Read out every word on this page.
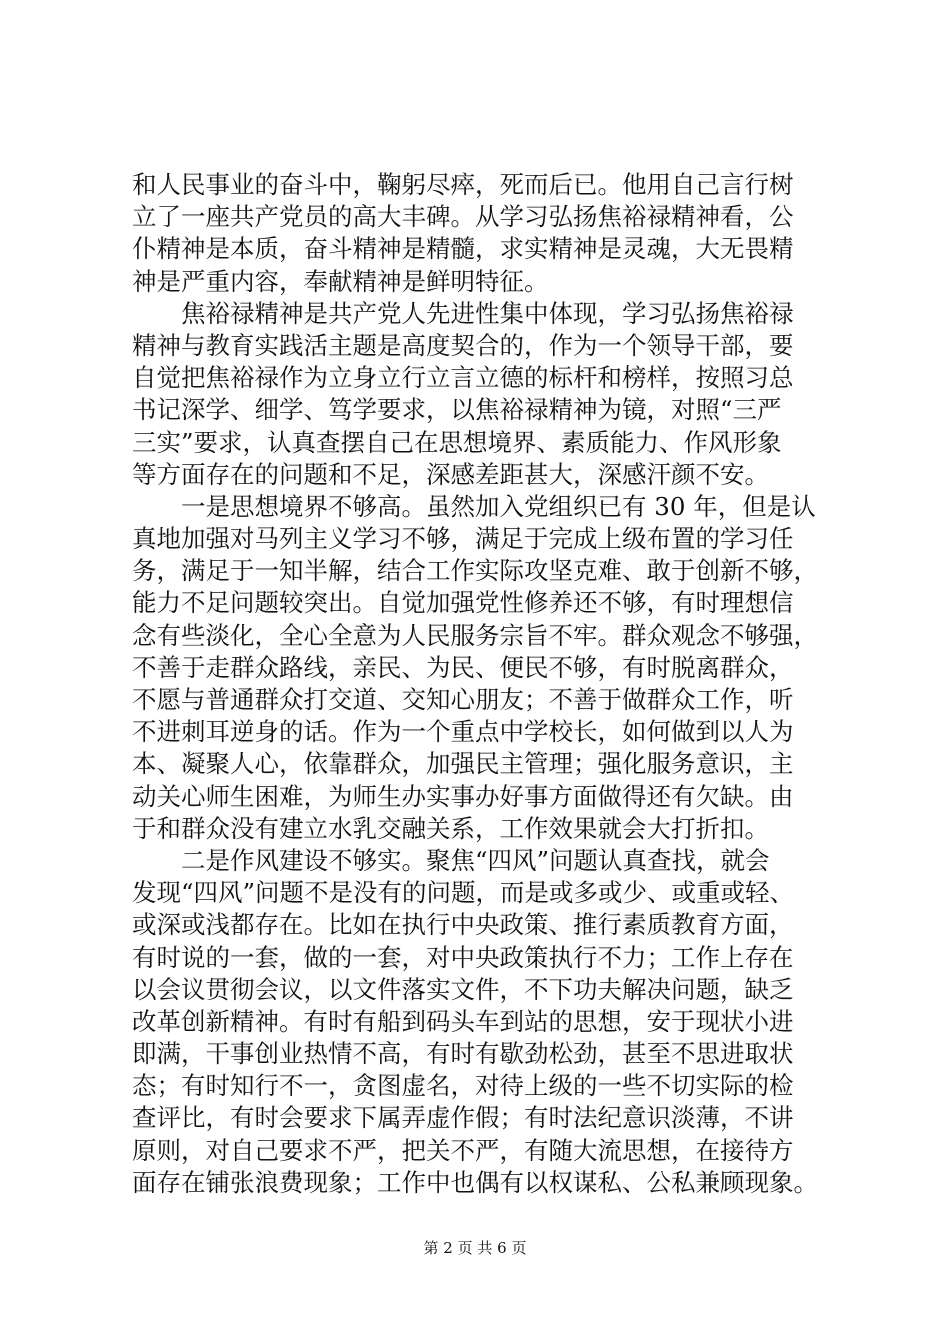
和人民事业的奋斗中，鞠躬尽瘁，死而后已。他用自己言行树
立了一座共产党员的高大丰碑。从学习弘扬焦裕禄精神看，公
仆精神是本质，奋斗精神是精髓，求实精神是灵魂，大无畏精
神是严重内容，奉献精神是鲜明特征。
　　焦裕禄精神是共产党人先进性集中体现，学习弘扬焦裕禄
精神与教育实践活主题是高度契合的，作为一个领导干部，要
自觉把焦裕禄作为立身立行立言立德的标杆和榜样，按照习总
书记深学、细学、笃学要求，以焦裕禄精神为镜，对照“三严
三实”要求，认真查摆自己在思想境界、素质能力、作风形象
等方面存在的问题和不足，深感差距甚大，深感汗颜不安。
　　一是思想境界不够高。虽然加入党组织已有 30 年，但是认
真地加强对马列主义学习不够，满足于完成上级布置的学习任
务，满足于一知半解，结合工作实际攻坚克难、敢于创新不够，
能力不足问题较突出。自觉加强党性修养还不够，有时理想信
念有些淡化，全心全意为人民服务宗旨不牢。群众观念不够强，
不善于走群众路线，亲民、为民、便民不够，有时脱离群众，
不愿与普通群众打交道、交知心朋友；不善于做群众工作，听
不进刺耳逆身的话。作为一个重点中学校长，如何做到以人为
本、凝聚人心，依靠群众，加强民主管理；强化服务意识，主
动关心师生困难，为师生办实事办好事方面做得还有欠缺。由
于和群众没有建立水乳交融关系，工作效果就会大打折扣。
　　二是作风建设不够实。聚焦“四风”问题认真查找，就会
发现“四风”问题不是没有的问题，而是或多或少、或重或轻、
或深或浅都存在。比如在执行中央政策、推行素质教育方面，
有时说的一套，做的一套，对中央政策执行不力；工作上存在
以会议贯彻会议，以文件落实文件，不下功夫解决问题，缺乏
改革创新精神。有时有船到码头车到站的思想，安于现状小进
即满，干事创业热情不高，有时有歇劲松劲，甚至不思进取状
态；有时知行不一，贪图虚名，对待上级的一些不切实际的检
查评比，有时会要求下属弄虚作假；有时法纪意识淡薄，不讲
原则，对自己要求不严，把关不严，有随大流思想，在接待方
面存在铺张浪费现象；工作中也偶有以权谋私、公私兼顾现象。
第 2 页 共 6 页
